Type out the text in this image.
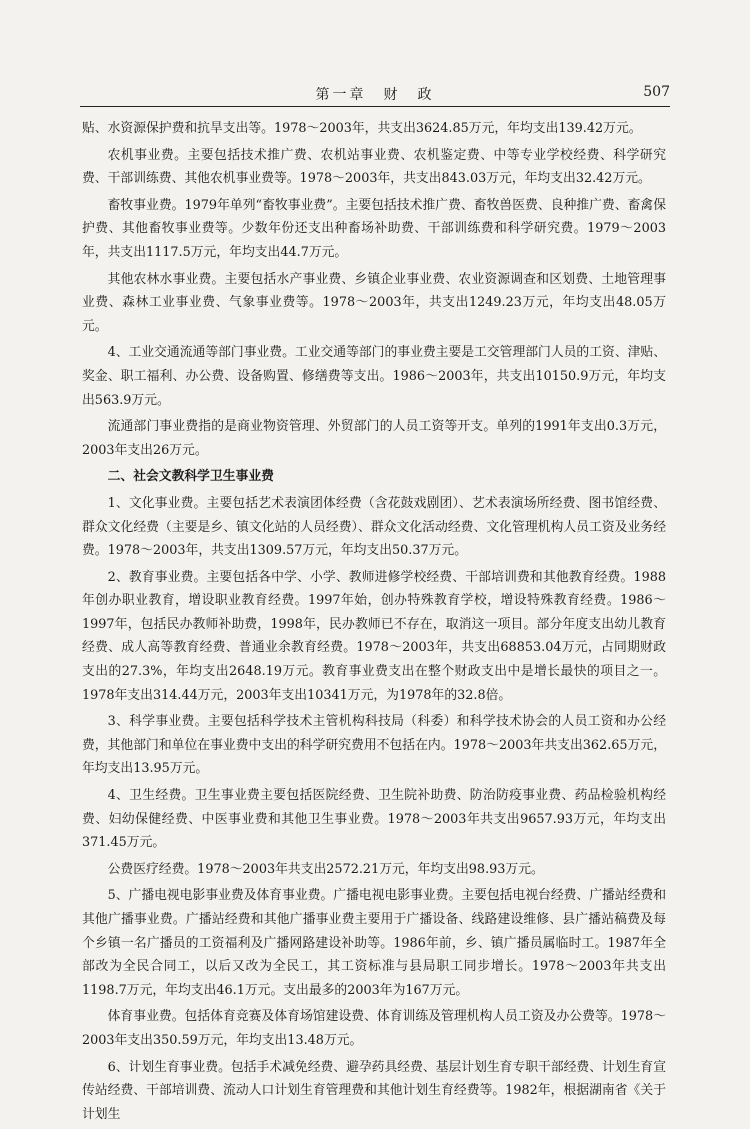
第一章　财　政	507

贴、水资源保护费和抗旱支出等。1978～2003年，共支出3624.85万元，年均支出139.42万元。

农机事业费。主要包括技术推广费、农机站事业费、农机鉴定费、中等专业学校经费、科学研究费、干部训练费、其他农机事业费等。1978～2003年，共支出843.03万元，年均支出32.42万元。

畜牧事业费。1979年单列“畜牧事业费”。主要包括技术推广费、畜牧兽医费、良种推广费、畜禽保护费、其他畜牧事业费等。少数年份还支出种畜场补助费、干部训练费和科学研究费。1979～2003年，共支出1117.5万元，年均支出44.7万元。

其他农林水事业费。主要包括水产事业费、乡镇企业事业费、农业资源调查和区划费、土地管理事业费、森林工业事业费、气象事业费等。1978～2003年，共支出1249.23万元，年均支出48.05万元。

4、工业交通流通等部门事业费。工业交通等部门的事业费主要是工交管理部门人员的工资、津贴、奖金、职工福利、办公费、设备购置、修缮费等支出。1986～2003年，共支出10150.9万元，年均支出563.9万元。

流通部门事业费指的是商业物资管理、外贸部门的人员工资等开支。单列的1991年支出0.3万元，2003年支出26万元。

二、社会文教科学卫生事业费

1、文化事业费。主要包括艺术表演团体经费（含花鼓戏剧团）、艺术表演场所经费、图书馆经费、群众文化经费（主要是乡、镇文化站的人员经费）、群众文化活动经费、文化管理机构人员工资及业务经费。1978～2003年，共支出1309.57万元，年均支出50.37万元。

2、教育事业费。主要包括各中学、小学、教师进修学校经费、干部培训费和其他教育经费。1988年创办职业教育，增设职业教育经费。1997年始，创办特殊教育学校，增设特殊教育经费。1986～1997年，包括民办教师补助费，1998年，民办教师已不存在，取消这一项目。部分年度支出幼儿教育经费、成人高等教育经费、普通业余教育经费。1978～2003年，共支出68853.04万元，占同期财政支出的27.3%，年均支出2648.19万元。教育事业费支出在整个财政支出中是增长最快的项目之一。1978年支出314.44万元，2003年支出10341万元，为1978年的32.8倍。

3、科学事业费。主要包括科学技术主管机构科技局（科委）和科学技术协会的人员工资和办公经费，其他部门和单位在事业费中支出的科学研究费用不包括在内。1978～2003年共支出362.65万元，年均支出13.95万元。

4、卫生经费。卫生事业费主要包括医院经费、卫生院补助费、防治防疫事业费、药品检验机构经费、妇幼保健经费、中医事业费和其他卫生事业费。1978～2003年共支出9657.93万元，年均支出371.45万元。

公费医疗经费。1978～2003年共支出2572.21万元，年均支出98.93万元。

5、广播电视电影事业费及体育事业费。广播电视电影事业费。主要包括电视台经费、广播站经费和其他广播事业费。广播站经费和其他广播事业费主要用于广播设备、线路建设维修、县广播站稿费及每个乡镇一名广播员的工资福利及广播网路建设补助等。1986年前，乡、镇广播员属临时工。1987年全部改为全民合同工，以后又改为全民工，其工资标准与县局职工同步增长。1978～2003年共支出1198.7万元，年均支出46.1万元。支出最多的2003年为167万元。

体育事业费。包括体育竞赛及体育场馆建设费、体育训练及管理机构人员工资及办公费等。1978～2003年支出350.59万元，年均支出13.48万元。

6、计划生育事业费。包括手术减免经费、避孕药具经费、基层计划生育专职干部经费、计划生育宣传站经费、干部培训费、流动人口计划生育管理费和其他计划生育经费等。1982年，根据湖南省《关于计划生
